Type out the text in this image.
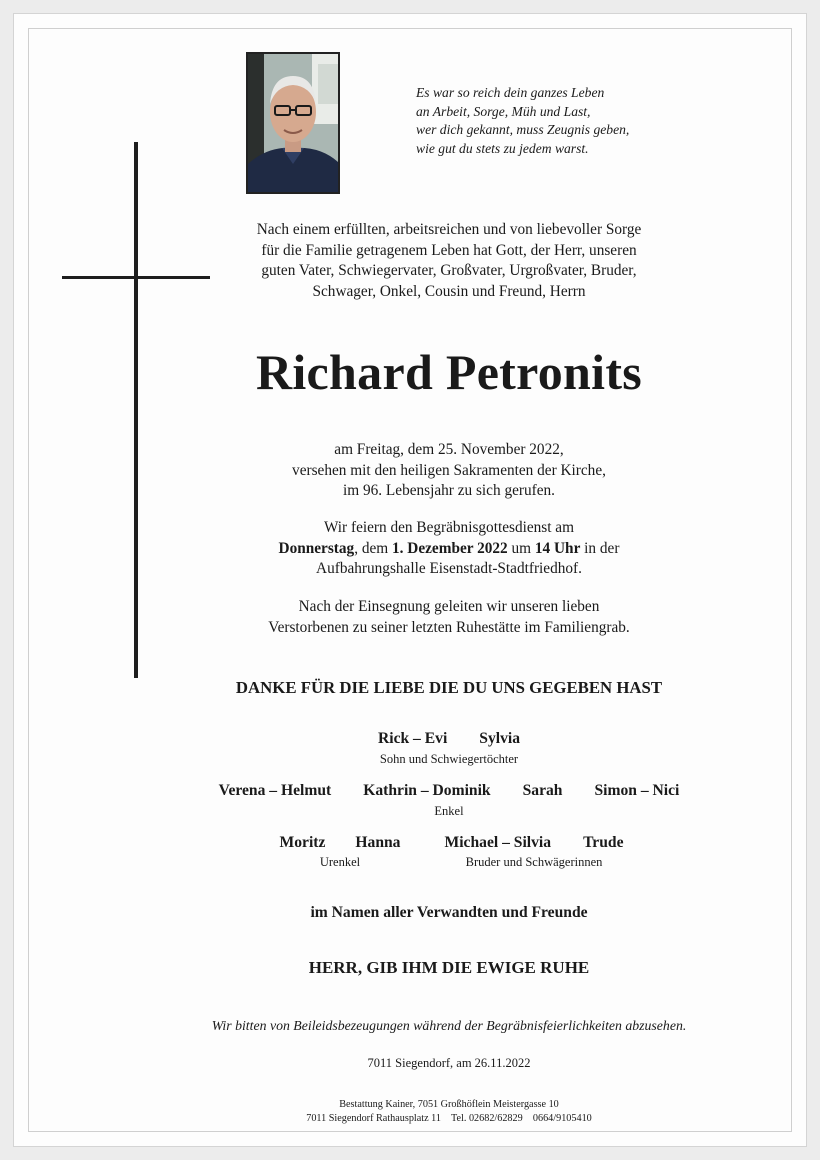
Es war so reich dein ganzes Leben
an Arbeit, Sorge, Müh und Last,
wer dich gekannt, muss Zeugnis geben,
wie gut du stets zu jedem warst.
Nach einem erfüllten, arbeitsreichen und von liebevoller Sorge
für die Familie getragenem Leben hat Gott, der Herr, unseren
guten Vater, Schwiegervater, Großvater, Urgroßvater, Bruder,
Schwager, Onkel, Cousin und Freund, Herrn
Richard Petronits
am Freitag, dem 25. November 2022,
versehen mit den heiligen Sakramenten der Kirche,
im 96. Lebensjahr zu sich gerufen.
Wir feiern den Begräbnisgottesdienst am
Donnerstag, dem 1. Dezember 2022 um 14 Uhr in der
Aufbahrungshalle Eisenstadt-Stadtfriedhof.
Nach der Einsegnung geleiten wir unseren lieben
Verstorbenen zu seiner letzten Ruhestätte im Familiengrab.
DANKE FÜR DIE LIEBE DIE DU UNS GEGEBEN HAST
Rick – Evi Sylvia
Sohn und Schwiegertöchter
Verena – Helmut Kathrin – Dominik Sarah Simon – Nici
Enkel
Moritz Hanna
Urenkel
Michael – Silvia Trude
Bruder und Schwägerinnen
im Namen aller Verwandten und Freunde
HERR, GIB IHM DIE EWIGE RUHE
Wir bitten von Beileidsbezeugungen während der Begräbnisfeierlichkeiten abzusehen.
7011 Siegendorf, am 26.11.2022
Bestattung Kainer, 7051 Großhöflein Meistergasse 10
7011 Siegendorf Rathausplatz 11    Tel. 02682/62829    0664/9105410
